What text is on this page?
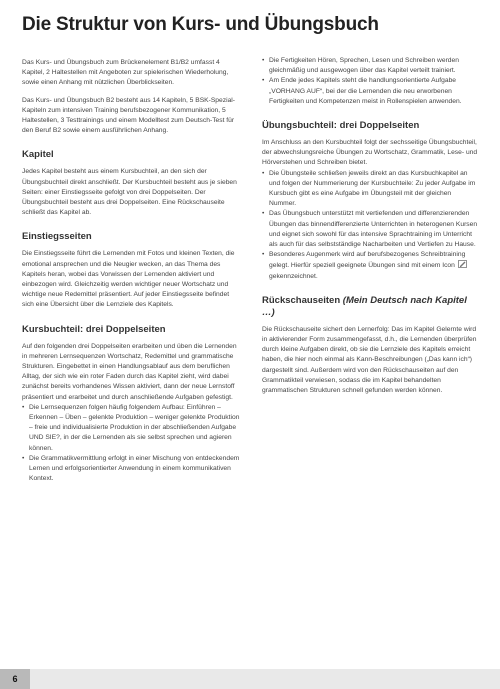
Die Struktur von Kurs- und Übungsbuch

Das Kurs- und Übungsbuch zum Brückenelement B1/B2 umfasst 4 Kapitel, 2 Haltestellen mit Angeboten zur spielerischen Wiederholung, sowie einen Anhang mit nützlichen Überblickseiten.

Das Kurs- und Übungsbuch B2 besteht aus 14 Kapiteln, 5 BSK-Spezial-Kapiteln zum intensiven Training berufsbezogener Kommunikation, 5 Haltestellen, 3 Testtrainings und einem Modelltest zum Deutsch-Test für den Beruf B2 sowie einem ausführlichen Anhang.

Kapitel

Jedes Kapitel besteht aus einem Kursbuchteil, an den sich der Übungsbuchteil direkt anschließt. Der Kursbuchteil besteht aus je sieben Seiten: einer Einstiegsseite gefolgt von drei Doppelseiten. Der Übungsbuchteil besteht aus drei Doppelseiten. Eine Rückschauseite schließt das Kapitel ab.

Einstiegsseiten

Die Einstiegsseite führt die Lernenden mit Fotos und kleinen Texten, die emotional ansprechen und die Neugier wecken, an das Thema des Kapitels heran, wobei das Vorwissen der Lernenden aktiviert und einbezogen wird. Gleichzeitig werden wichtiger neuer Wortschatz und wichtige neue Redemittel präsentiert. Auf jeder Einstiegsseite befindet sich eine Übersicht über die Lernziele des Kapitels.

Kursbuchteil: drei Doppelseiten

Auf den folgenden drei Doppelseiten erarbeiten und üben die Lernenden in mehreren Lernsequenzen Wortschatz, Redemittel und grammatische Strukturen. Eingebettet in einen Handlungsablauf aus dem beruflichen Alltag, der sich wie ein roter Faden durch das Kapitel zieht, wird dabei zunächst bereits vorhandenes Wissen aktiviert, dann der neue Lernstoff präsentiert und erarbeitet und durch anschließende Aufgaben gefestigt.

• Die Lernsequenzen folgen häufig folgendem Aufbau: Einführen – Erkennen – Üben – gelenkte Produktion – weniger gelenkte Produktion – freie und individualisierte Produktion in der abschließenden Aufgabe UND SIE?, in der die Lernenden als sie selbst sprechen und agieren können.
• Die Grammatikvermittlung erfolgt in einer Mischung von entdeckendem Lernen und erfolgsorientierter Anwendung in einem kommunikativen Kontext.
• Die Fertigkeiten Hören, Sprechen, Lesen und Schreiben werden gleichmäßig und ausgewogen über das Kapitel verteilt trainiert.
• Am Ende jedes Kapitels steht die handlungsorientierte Aufgabe „VORHANG AUF“, bei der die Lernenden die neu erworbenen Fertigkeiten und Kompetenzen meist in Rollenspielen anwenden.
Übungsbuchteil: drei Doppelseiten

Im Anschluss an den Kursbuchteil folgt der sechsseitige Übungsbuchteil, der abwechslungsreiche Übungen zu Wortschatz, Grammatik, Lese- und Hörverstehen und Schreiben bietet.

• Die Übungsteile schließen jeweils direkt an das Kursbuchkapitel an und folgen der Nummerierung der Kursbuchteile: Zu jeder Aufgabe im Kursbuch gibt es eine Aufgabe im Übungsteil mit der gleichen Nummer.
• Das Übungsbuch unterstützt mit vertiefenden und differenzierenden Übungen das binnendifferenzierte Unterrichten in heterogenen Kursen und eignet sich sowohl für das intensive Sprachtraining im Unterricht als auch für das selbstständige Nacharbeiten und Vertiefen zu Hause.
• Besonderes Augenmerk wird auf berufsbezogenes Schreibtraining gelegt. Hierfür speziell geeignete Übungen sind mit einem Icon  gekennzeichnet.
Rückschauseiten (Mein Deutsch nach Kapitel …)

Die Rückschauseite sichert den Lernerfolg: Das im Kapitel Gelernte wird in aktivierender Form zusammengefasst, d.h., die Lernenden überprüfen durch kleine Aufgaben direkt, ob sie die Lernziele des Kapitels erreicht haben, die hier noch einmal als Kann-Beschreibungen („Das kann ich“) dargestellt sind. Außerdem wird von den Rückschauseiten auf den Grammatikteil verwiesen, sodass die im Kapitel behandelten grammatischen Strukturen schnell gefunden werden können.

6
